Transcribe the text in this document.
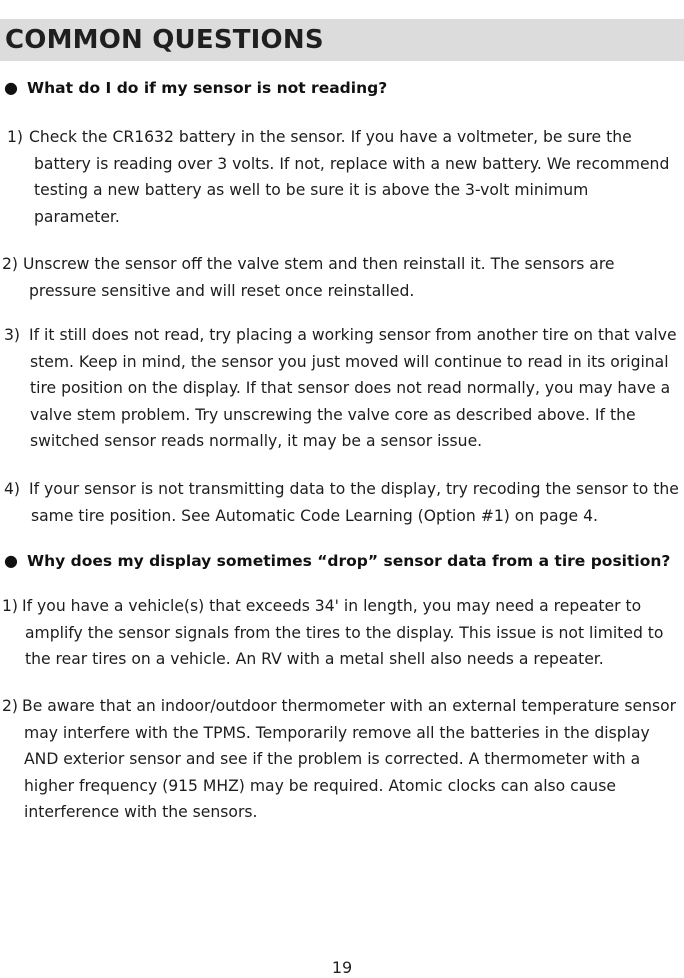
COMMON QUESTIONS
● What do I do if my sensor is not reading?
1) Check the CR1632 battery in the sensor. If you have a voltmeter, be sure the
battery is reading over 3 volts. If not, replace with a new battery. We recommend
testing a new battery as well to be sure it is above the 3-volt minimum
parameter.
2) Unscrew the sensor off the valve stem and then reinstall it. The sensors are
pressure sensitive and will reset once reinstalled.
3) If it still does not read, try placing a working sensor from another tire on that valve
stem. Keep in mind, the sensor you just moved will continue to read in its original
tire position on the display. If that sensor does not read normally, you may have a
valve stem problem. Try unscrewing the valve core as described above. If the
switched sensor reads normally, it may be a sensor issue.
4) If your sensor is not transmitting data to the display, try recoding the sensor to the
same tire position. See Automatic Code Learning (Option #1) on page 4.
● Why does my display sometimes “drop” sensor data from a tire position?
1) If you have a vehicle(s) that exceeds 34' in length, you may need a repeater to
amplify the sensor signals from the tires to the display. This issue is not limited to
the rear tires on a vehicle. An RV with a metal shell also needs a repeater.
2) Be aware that an indoor/outdoor thermometer with an external temperature sensor
may interfere with the TPMS. Temporarily remove all the batteries in the display
AND exterior sensor and see if the problem is corrected. A thermometer with a
higher frequency (915 MHZ) may be required. Atomic clocks can also cause
interference with the sensors.
19
